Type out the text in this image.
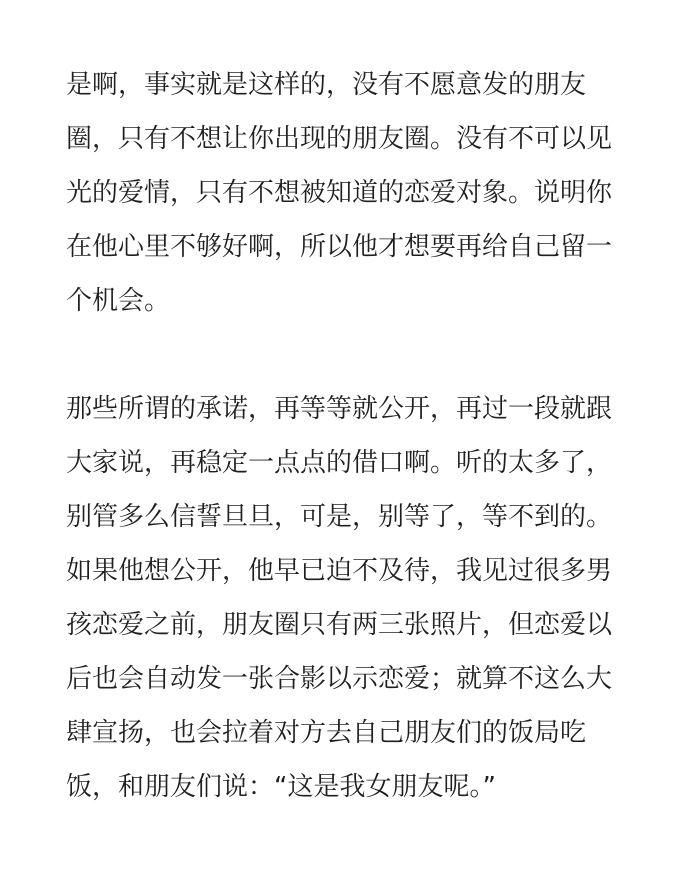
是啊，事实就是这样的，没有不愿意发的朋友
圈，只有不想让你出现的朋友圈。没有不可以见
光的爱情，只有不想被知道的恋爱对象。说明你
在他心里不够好啊，所以他才想要再给自己留一
个机会。
那些所谓的承诺，再等等就公开，再过一段就跟
大家说，再稳定一点点的借口啊。听的太多了，
别管多么信誓旦旦，可是，别等了，等不到的。
如果他想公开，他早已迫不及待，我见过很多男
孩恋爱之前，朋友圈只有两三张照片，但恋爱以
后也会自动发一张合影以示恋爱；就算不这么大
肆宣扬，也会拉着对方去自己朋友们的饭局吃
饭，和朋友们说：“这是我女朋友呢。”
